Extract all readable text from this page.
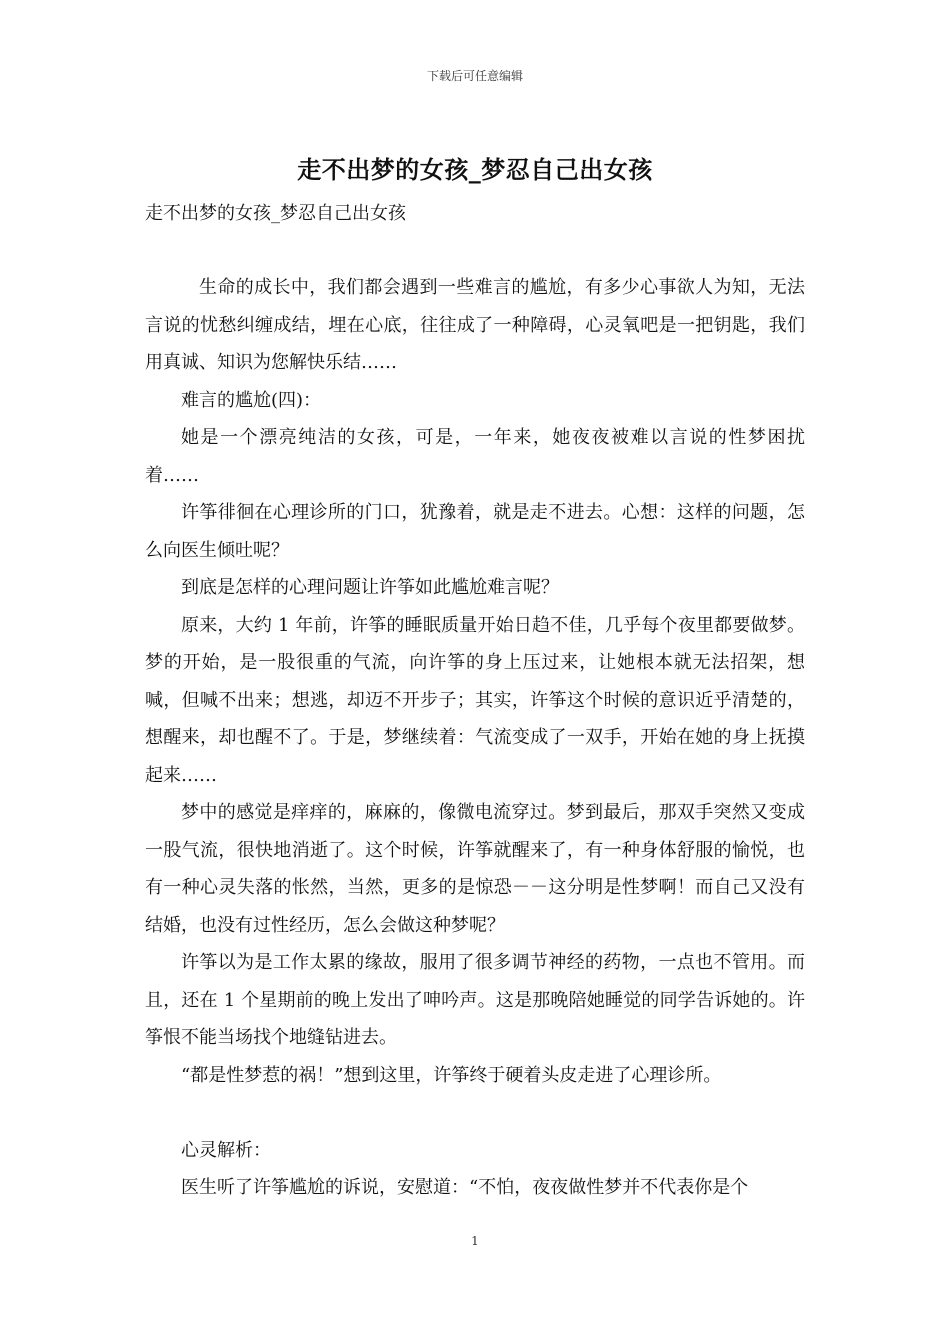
下载后可任意编辑
走不出梦的女孩_梦忍自己出女孩
走不出梦的女孩_梦忍自己出女孩

生命的成长中，我们都会遇到一些难言的尴尬，有多少心事欲人为知，无法言说的忧愁纠缠成结，埋在心底，往往成了一种障碍，心灵氧吧是一把钥匙，我们用真诚、知识为您解快乐结……

难言的尴尬(四)：

她是一个漂亮纯洁的女孩，可是，一年来，她夜夜被难以言说的性梦困扰着……

许筝徘徊在心理诊所的门口，犹豫着，就是走不进去。心想：这样的问题，怎么向医生倾吐呢？

到底是怎样的心理问题让许筝如此尴尬难言呢？

原来，大约 1 年前，许筝的睡眠质量开始日趋不佳，几乎每个夜里都要做梦。梦的开始，是一股很重的气流，向许筝的身上压过来，让她根本就无法招架，想喊，但喊不出来；想逃，却迈不开步子；其实，许筝这个时候的意识近乎清楚的，想醒来，却也醒不了。于是，梦继续着：气流变成了一双手，开始在她的身上抚摸起来……

梦中的感觉是痒痒的，麻麻的，像微电流穿过。梦到最后，那双手突然又变成一股气流，很快地消逝了。这个时候，许筝就醒来了，有一种身体舒服的愉悦，也有一种心灵失落的怅然，当然，更多的是惊恐－－这分明是性梦啊！而自己又没有结婚，也没有过性经历，怎么会做这种梦呢？

许筝以为是工作太累的缘故，服用了很多调节神经的药物，一点也不管用。而且，还在 1 个星期前的晚上发出了呻吟声。这是那晚陪她睡觉的同学告诉她的。许筝恨不能当场找个地缝钻进去。

“都是性梦惹的祸！”想到这里，许筝终于硬着头皮走进了心理诊所。

心灵解析：

医生听了许筝尴尬的诉说，安慰道：“不怕，夜夜做性梦并不代表你是个

1
